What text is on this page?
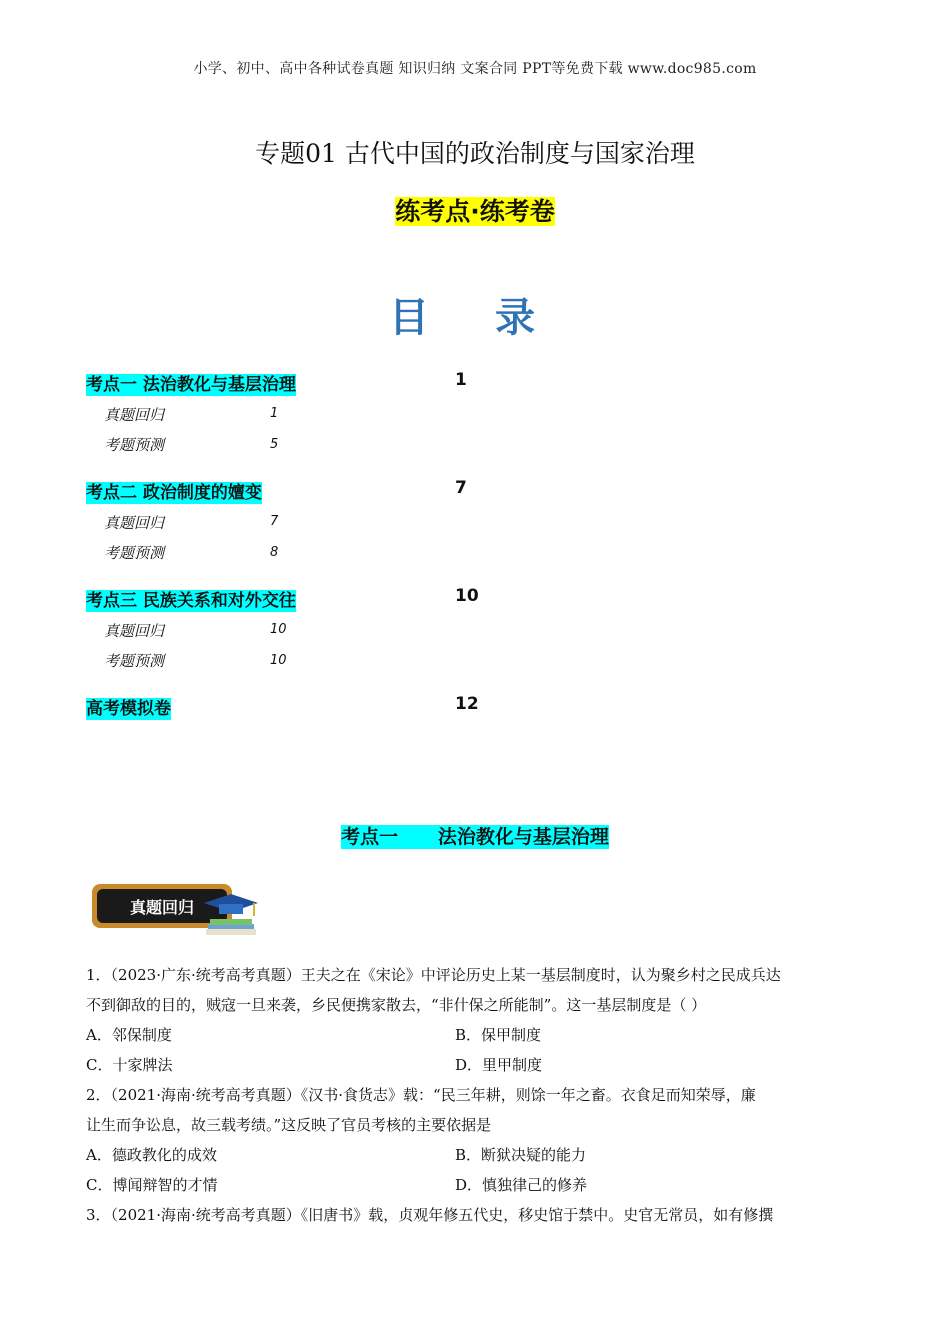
小学、初中、高中各种试卷真题 知识归纳 文案合同 PPT等免费下载 www.doc985.com
专题01 古代中国的政治制度与国家治理
练考点·练考卷
目 录
考点一 法治教化与基层治理	1
真题回归	1
考题预测	5
考点二 政治制度的嬗变	7
真题回归	7
考题预测	8
考点三 民族关系和对外交往	10
真题回归	10
考题预测	10
高考模拟卷	12
考点一      法治教化与基层治理
真题回归
1．（2023·广东·统考高考真题）王夫之在《宋论》中评论历史上某一基层制度时，认为聚乡村之民成兵达
不到御敌的目的，贼寇一旦来袭，乡民便携家散去，“非什保之所能制”。这一基层制度是（ ）
A．邻保制度	B．保甲制度
C．十家牌法	D．里甲制度
2．（2021·海南·统考高考真题）《汉书·食货志》载：“民三年耕，则馀一年之畜。衣食足而知荣辱，廉
让生而争讼息，故三载考绩。”这反映了官员考核的主要依据是
A．德政教化的成效	B．断狱决疑的能力
C．博闻辩智的才情	D．慎独律己的修养
3．（2021·海南·统考高考真题）《旧唐书》载，贞观年修五代史，移史馆于禁中。史官无常员，如有修撰
